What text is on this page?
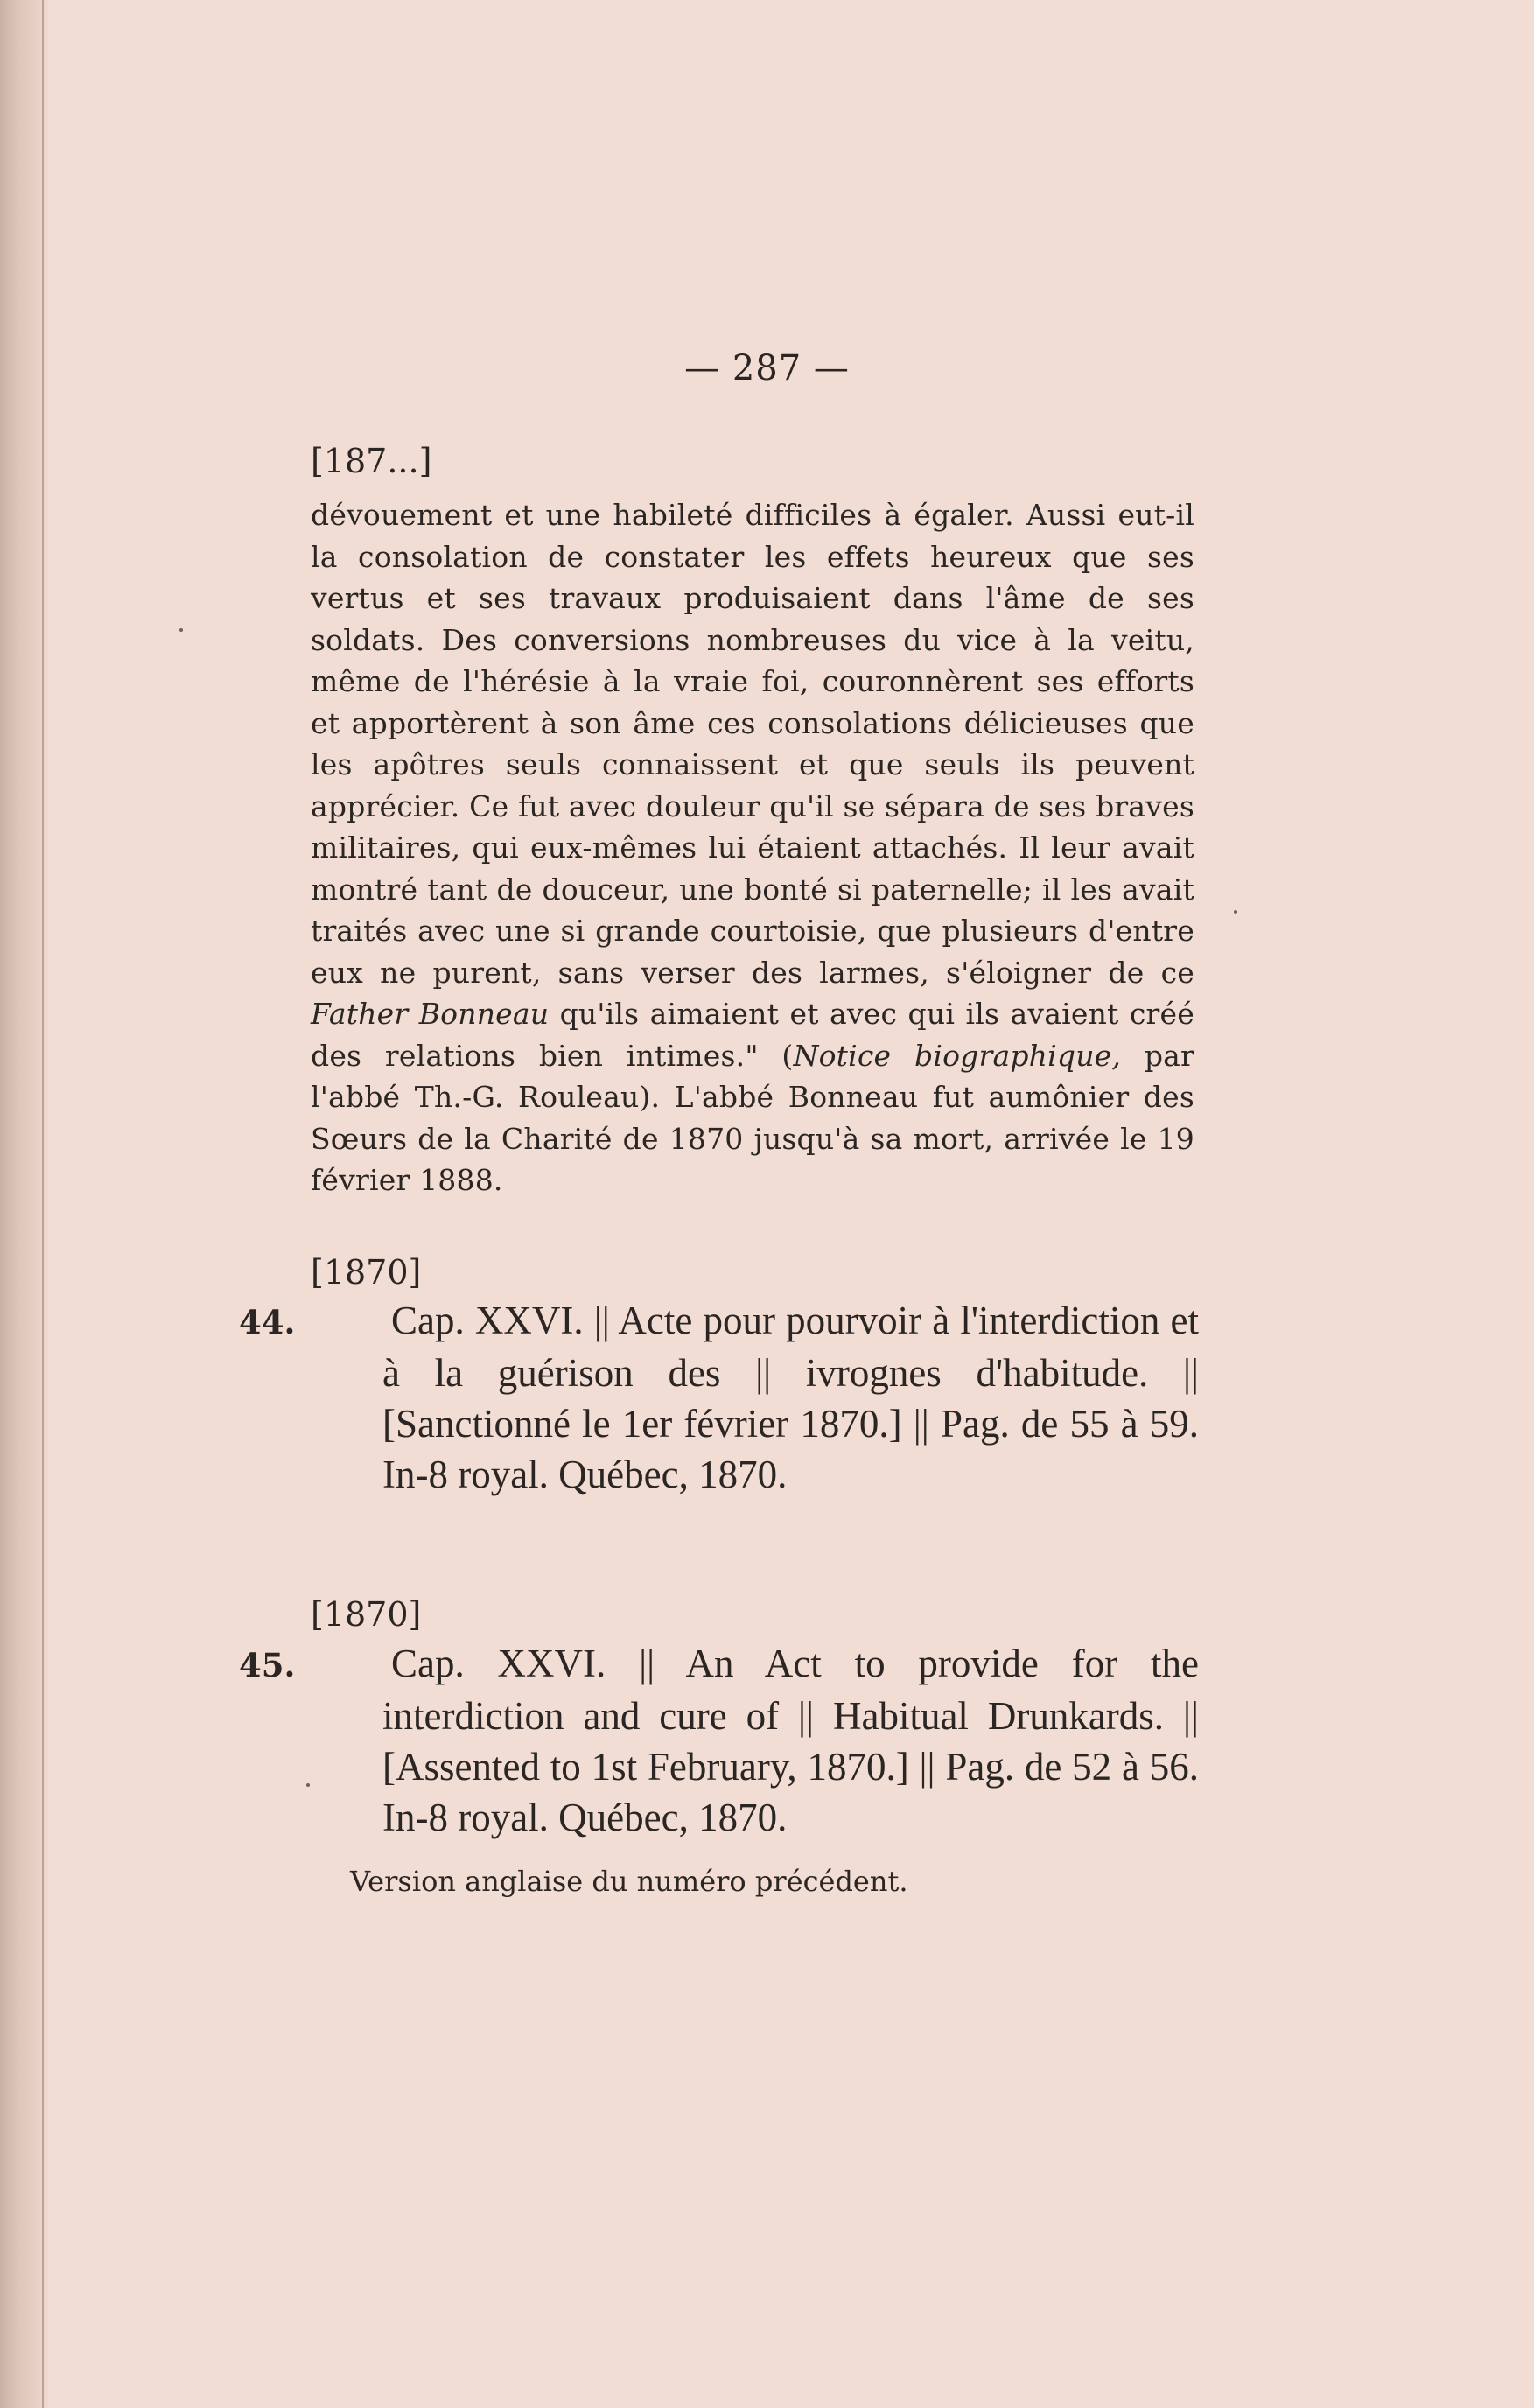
— 287 —
[187...]
dévouement et une habileté difficiles à égaler. Aussi eut-il la consolation de constater les effets heureux que ses vertus et ses travaux produisaient dans l'âme de ses soldats. Des conversions nombreuses du vice à la veitu, même de l'hérésie à la vraie foi, couronnèrent ses efforts et apportèrent à son âme ces consolations délicieuses que les apôtres seuls connaissent et que seuls ils peuvent apprécier. Ce fut avec douleur qu'il se sépara de ses braves militaires, qui eux-mêmes lui étaient attachés. Il leur avait montré tant de douceur, une bonté si paternelle; il les avait traités avec une si grande courtoisie, que plusieurs d'entre eux ne purent, sans verser des larmes, s'éloigner de ce Father Bonneau qu'ils aimaient et avec qui ils avaient créé des relations bien intimes." (Notice biographique, par l'abbé Th.-G. Rouleau). L'abbé Bonneau fut aumônier des Sœurs de la Charité de 1870 jusqu'à sa mort, arrivée le 19 février 1888.
[1870]
44. Cap. XXVI. || Acte pour pourvoir à l'interdiction et à la guérison des || ivrognes d'habitude. || [Sanctionné le 1er février 1870.] || Pag. de 55 à 59. In-8 royal. Québec, 1870.
[1870]
45. Cap. XXVI. || An Act to provide for the interdiction and cure of || Habitual Drunkards. || [Assented to 1st February, 1870.] || Pag. de 52 à 56. In-8 royal. Québec, 1870.
Version anglaise du numéro précédent.
